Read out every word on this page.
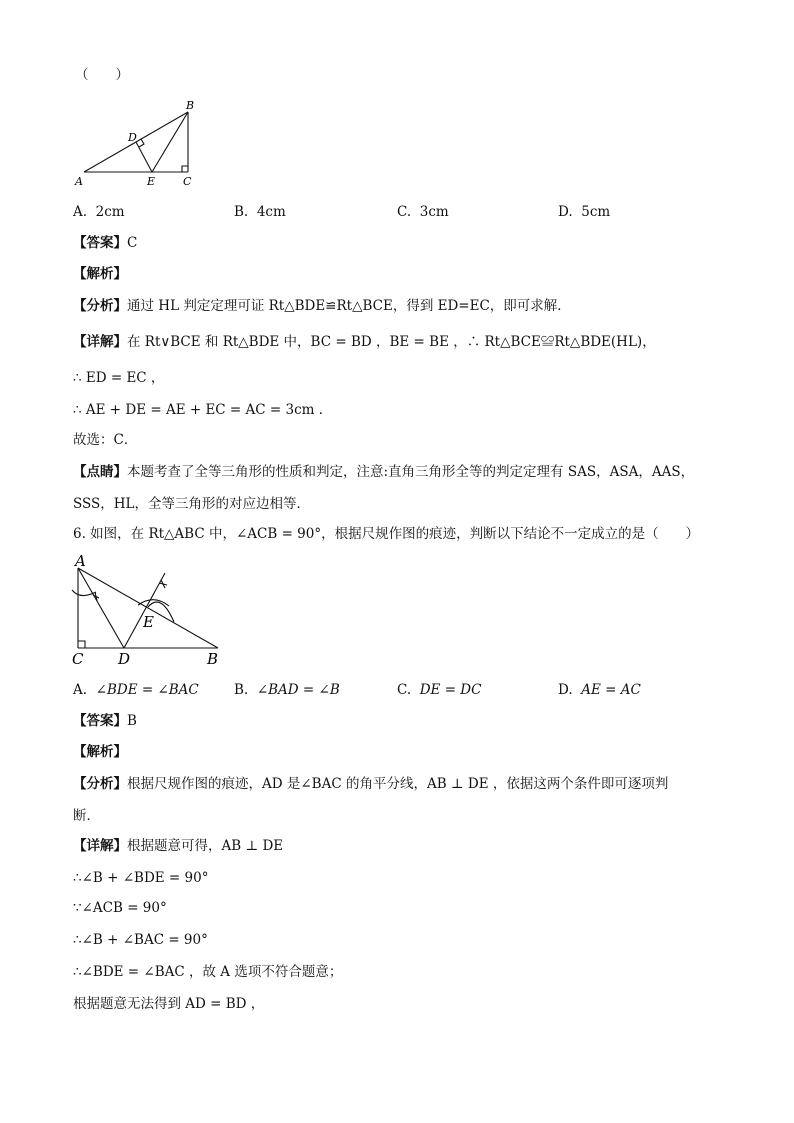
（　　）
A
B
C
D
E
A. 2cm	B. 4cm	C. 3cm	D. 5cm
【答案】C
【解析】
【分析】通过 HL 判定定理可证 Rt△BDE≌Rt△BCE，得到 ED=EC，即可求解．
【详解】在 Rt∨BCE 和 Rt△BDE 中，BC = BD ，BE = BE ，∴ Rt△BCE≌Rt△BDE(HL)，
∴ ED = EC ，
∴ AE + DE = AE + EC = AC = 3cm ．
故选：C．
【点睛】本题考查了全等三角形的性质和判定，注意:直角三角形全等的判定定理有 SAS，ASA，AAS，
SSS，HL，全等三角形的对应边相等．
6. 如图，在 Rt△ABC 中，∠ACB = 90°，根据尺规作图的痕迹，判断以下结论不一定成立的是（　　）
A
B
C D
E
A. ∠BDE = ∠BAC	B. ∠BAD = ∠B	C. DE = DC	D. AE = AC
【答案】B
【解析】
【分析】根据尺规作图的痕迹，AD 是∠BAC 的角平分线，AB ⊥ DE ，依据这两个条件即可逐项判
断．
【详解】根据题意可得，AB ⊥ DE
∴∠B + ∠BDE = 90°
∵∠ACB = 90°
∴∠B + ∠BAC = 90°
∴∠BDE = ∠BAC ，故 A 选项不符合题意；
根据题意无法得到 AD = BD ，
